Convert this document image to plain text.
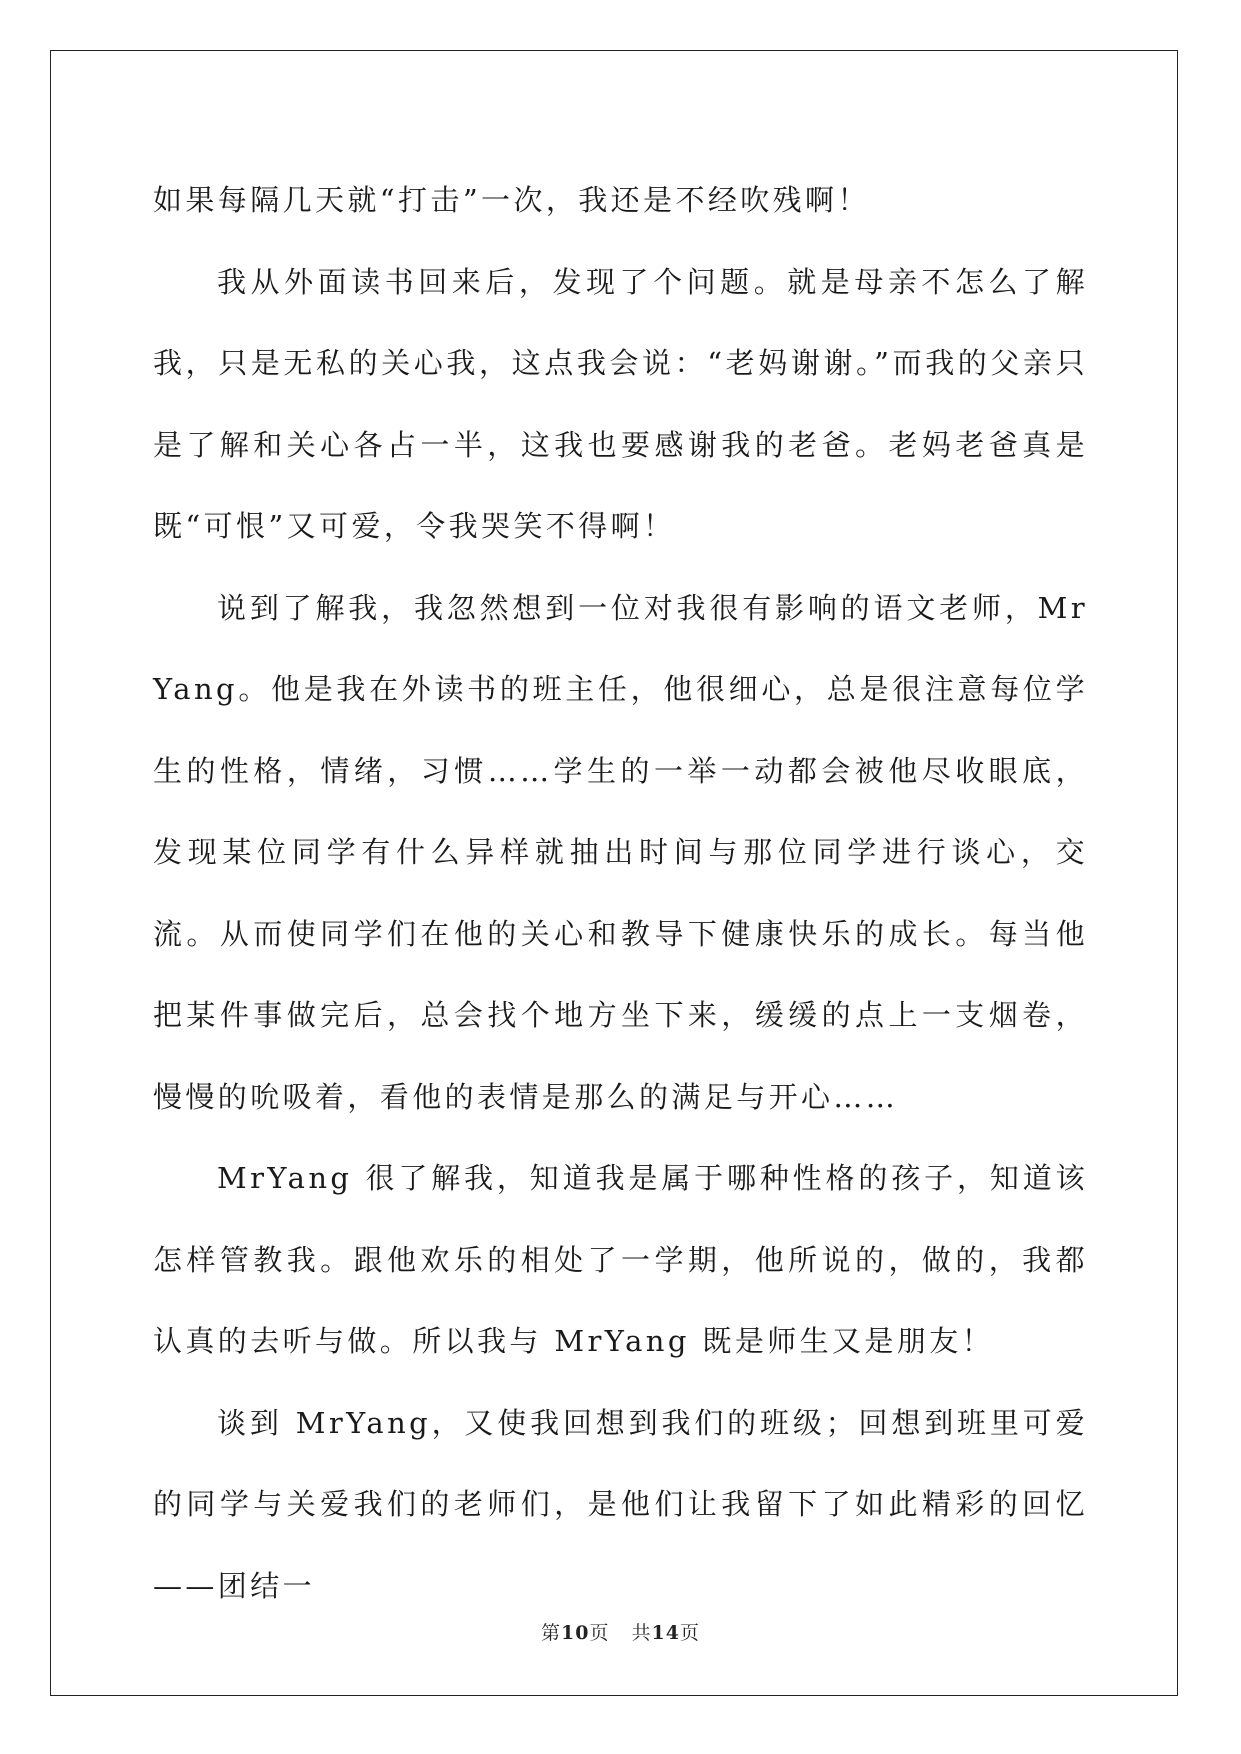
如果每隔几天就“打击”一次，我还是不经吹残啊！

我从外面读书回来后，发现了个问题。就是母亲不怎么了解我，只是无私的关心我，这点我会说：“老妈谢谢。”而我的父亲只是了解和关心各占一半，这我也要感谢我的老爸。老妈老爸真是既“可恨”又可爱，令我哭笑不得啊！

说到了解我，我忽然想到一位对我很有影响的语文老师，MrYang。他是我在外读书的班主任，他很细心，总是很注意每位学生的性格，情绪，习惯……学生的一举一动都会被他尽收眼底，发现某位同学有什么异样就抽出时间与那位同学进行谈心，交流。从而使同学们在他的关心和教导下健康快乐的成长。每当他把某件事做完后，总会找个地方坐下来，缓缓的点上一支烟卷，慢慢的吮吸着，看他的表情是那么的满足与开心……

MrYang 很了解我，知道我是属于哪种性格的孩子，知道该怎样管教我。跟他欢乐的相处了一学期，他所说的，做的，我都认真的去听与做。所以我与 MrYang 既是师生又是朋友！

谈到 MrYang，又使我回想到我们的班级；回想到班里可爱的同学与关爱我们的老师们，是他们让我留下了如此精彩的回忆——团结一

第10页 共14页
